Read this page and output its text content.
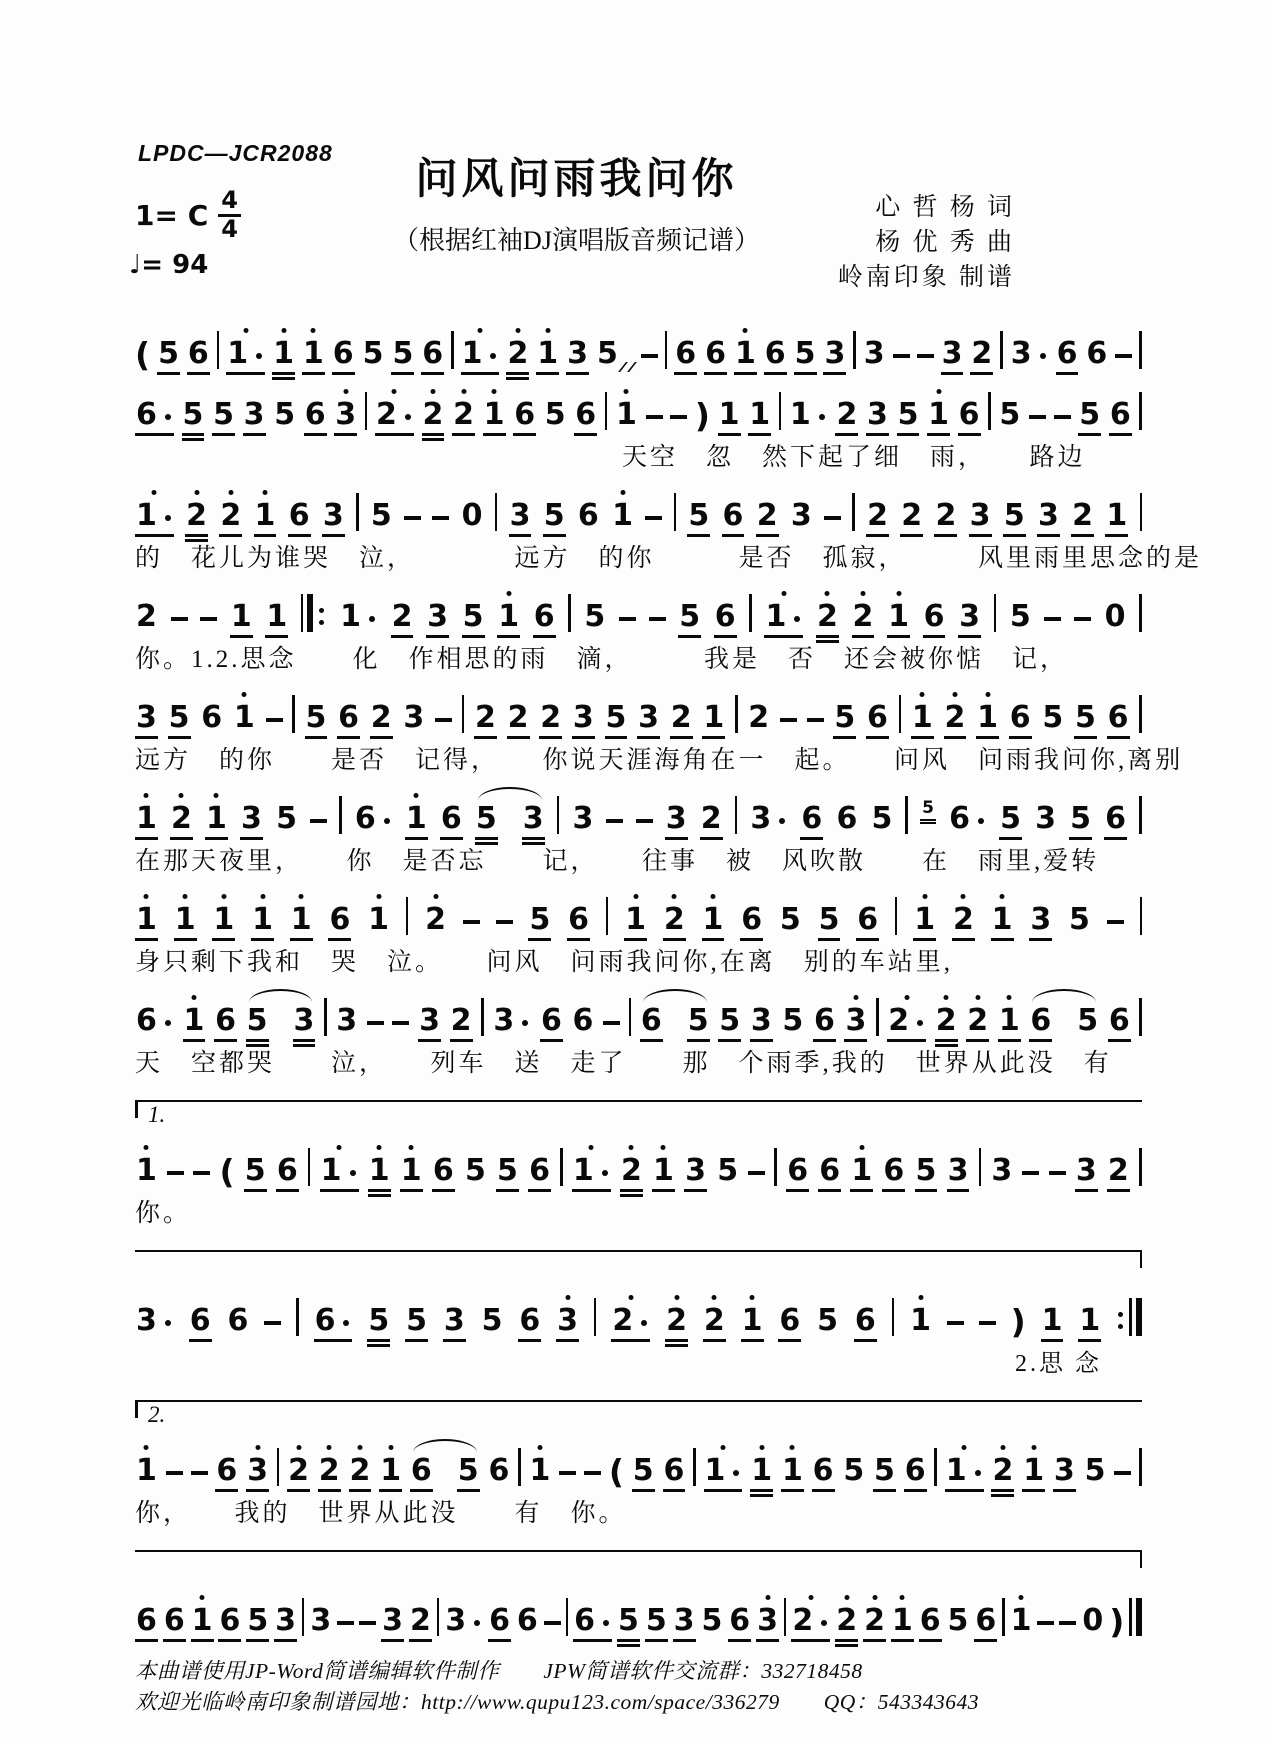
LPDC—JCR2088
问风问雨我问你
1= C $\frac{4}{4}$	（根据红袖DJ演唱版音频记谱）
心 哲 杨 词
杨 优 秀 曲
岭南印象 制谱
♩= 94
( 5 6 1 1 1 6 5 5 6 1 2 1 3 5 6 6 1 6 5 3 3 3 2 3 6 6
6 5 5 3 5 6 3 2 2 2 1 6 5 6 1 ) 1 1 1 2 3 5 1 6 5 5 6
天空　忽　然下起了细　雨，　　路边
1 2 2 1 6 3 5 0 3 5 6 1 5 6 2 3 2 2 2 3 5 3 2 1
的　花儿为谁哭　泣，　　　　远方　的你　　　是否　孤寂，　　　风里雨里思念的是
2 1 1 1 2 3 5 1 6 5 5 6 1 2 2 1 6 3 5 0
你。1.2.思念　　化　作相思的雨　滴，　　　我是　否　还会被你惦　记，
3 5 6 1 5 6 2 3 2 2 2 3 5 3 2 1 2 5 6 1 2 1 6 5 5 6
远方　的你　　是否　记得，　　你说天涯海角在一　起。　　问风　问雨我问你,离别
1 2 1 3 5 6 1 6 5 3 3 3 2 3 6 6 5 5 6 5 3 5 6
在那天夜里，　　你　是否忘　　记，　　往事　被　风吹散　　在　雨里,爱转
1 1 1 1 1 6 1 2	5 6 1 2 1 6 5 5 6 1 2 1 3 5
身只剩下我和　哭　泣。　　问风　问雨我问你,在离　别的车站里,
6 1 6 5 3 3 3 2 3 6 6 6 5 5 3 5 6 3 2 2 2 1 6 5 6
天　空都哭　　泣，　　列车　送　走了　　那　个雨季,我的　世界从此没　有
1.
1 ( 5 6 1 1 1 6 5 5 6 1 2 1 3 5 6 6 1 6 5 3 3 3 2
你。
3 6 6 6 5 5 3 5 6 3 2 2 2 1 6 5 6 1 ) 1 1
2.思 念
2.
1 6 3 2 2 2 1 6 5 6 1 ( 5 6 1 1 1 6 5 5 6 1 2 1 3 5
你，　　我的　世界从此没　　有　你。
6 6 1 6 5 3 3 3 2 3 6 6 6 5 5 3 5 6 3 2 2 2 1 6 5 6 1 0 )
本曲谱使用JP-Word简谱编辑软件制作　　JPW简谱软件交流群：332718458
欢迎光临岭南印象制谱园地：http://www.qupu123.com/space/336279　　QQ：543343643
